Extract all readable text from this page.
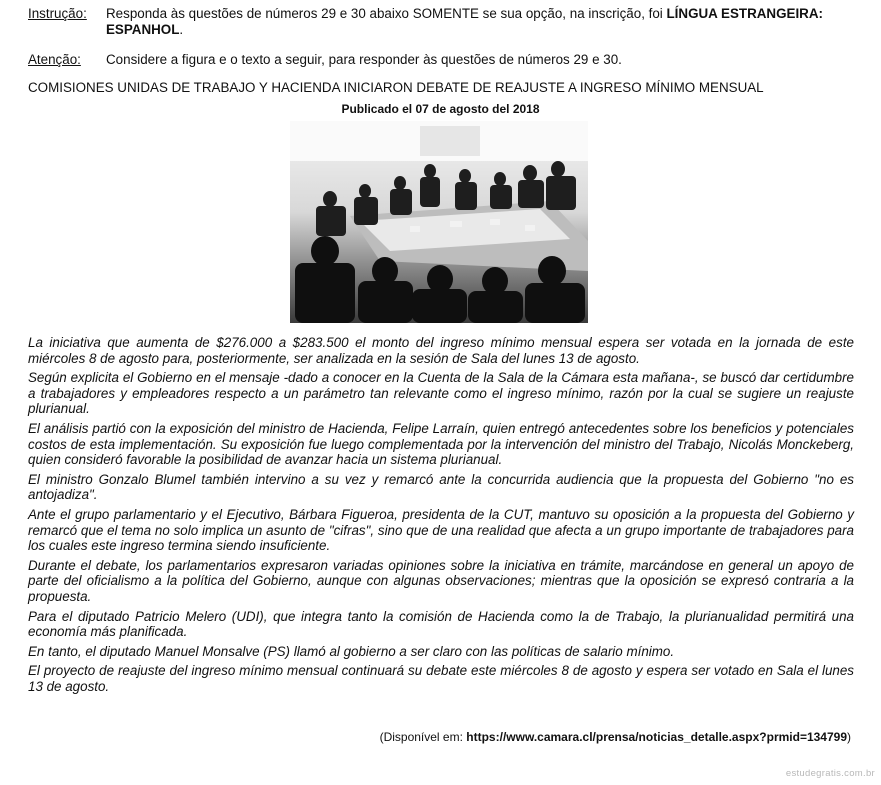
Instrução: Responda às questões de números 29 e 30 abaixo SOMENTE se sua opção, na inscrição, foi LÍNGUA ESTRANGEIRA: ESPANHOL.
Atenção: Considere a figura e o texto a seguir, para responder às questões de números 29 e 30.
COMISIONES UNIDAS DE TRABAJO Y HACIENDA INICIARON DEBATE DE REAJUSTE A INGRESO MÍNIMO MENSUAL
Publicado el 07 de agosto del 2018

La iniciativa que aumenta de $276.000 a $283.500 el monto del ingreso mínimo mensual espera ser votada en la jornada de este miércoles 8 de agosto para, posteriormente, ser analizada en la sesión de Sala del lunes 13 de agosto.

Según explicita el Gobierno en el mensaje -dado a conocer en la Cuenta de la Sala de la Cámara esta mañana-, se buscó dar certidumbre a trabajadores y empleadores respecto a un parámetro tan relevante como el ingreso mínimo, razón por la cual se sugiere un reajuste plurianual.

El análisis partió con la exposición del ministro de Hacienda, Felipe Larraín, quien entregó antecedentes sobre los beneficios y potenciales costos de esta implementación. Su exposición fue luego complementada por la intervención del ministro del Trabajo, Nicolás Monckeberg, quien consideró favorable la posibilidad de avanzar hacia un sistema plurianual.

El ministro Gonzalo Blumel también intervino a su vez y remarcó ante la concurrida audiencia que la propuesta del Gobierno "no es antojadiza".

Ante el grupo parlamentario y el Ejecutivo, Bárbara Figueroa, presidenta de la CUT, mantuvo su oposición a la propuesta del Gobierno y remarcó que el tema no solo implica un asunto de "cifras", sino que de una realidad que afecta a un grupo importante de trabajadores para los cuales este ingreso termina siendo insuficiente.

Durante el debate, los parlamentarios expresaron variadas opiniones sobre la iniciativa en trámite, marcándose en general un apoyo de parte del oficialismo a la política del Gobierno, aunque con algunas observaciones; mientras que la oposición se expresó contraria a la propuesta.

Para el diputado Patricio Melero (UDI), que integra tanto la comisión de Hacienda como la de Trabajo, la plurianualidad permitirá una economía más planificada.

En tanto, el diputado Manuel Monsalve (PS) llamó al gobierno a ser claro con las políticas de salario mínimo.

El proyecto de reajuste del ingreso mínimo mensual continuará su debate este miércoles 8 de agosto y espera ser votado en Sala el lunes 13 de agosto.

(Disponível em: https://www.camara.cl/prensa/noticias_detalle.aspx?prmid=134799)
estudegratis.com.br
